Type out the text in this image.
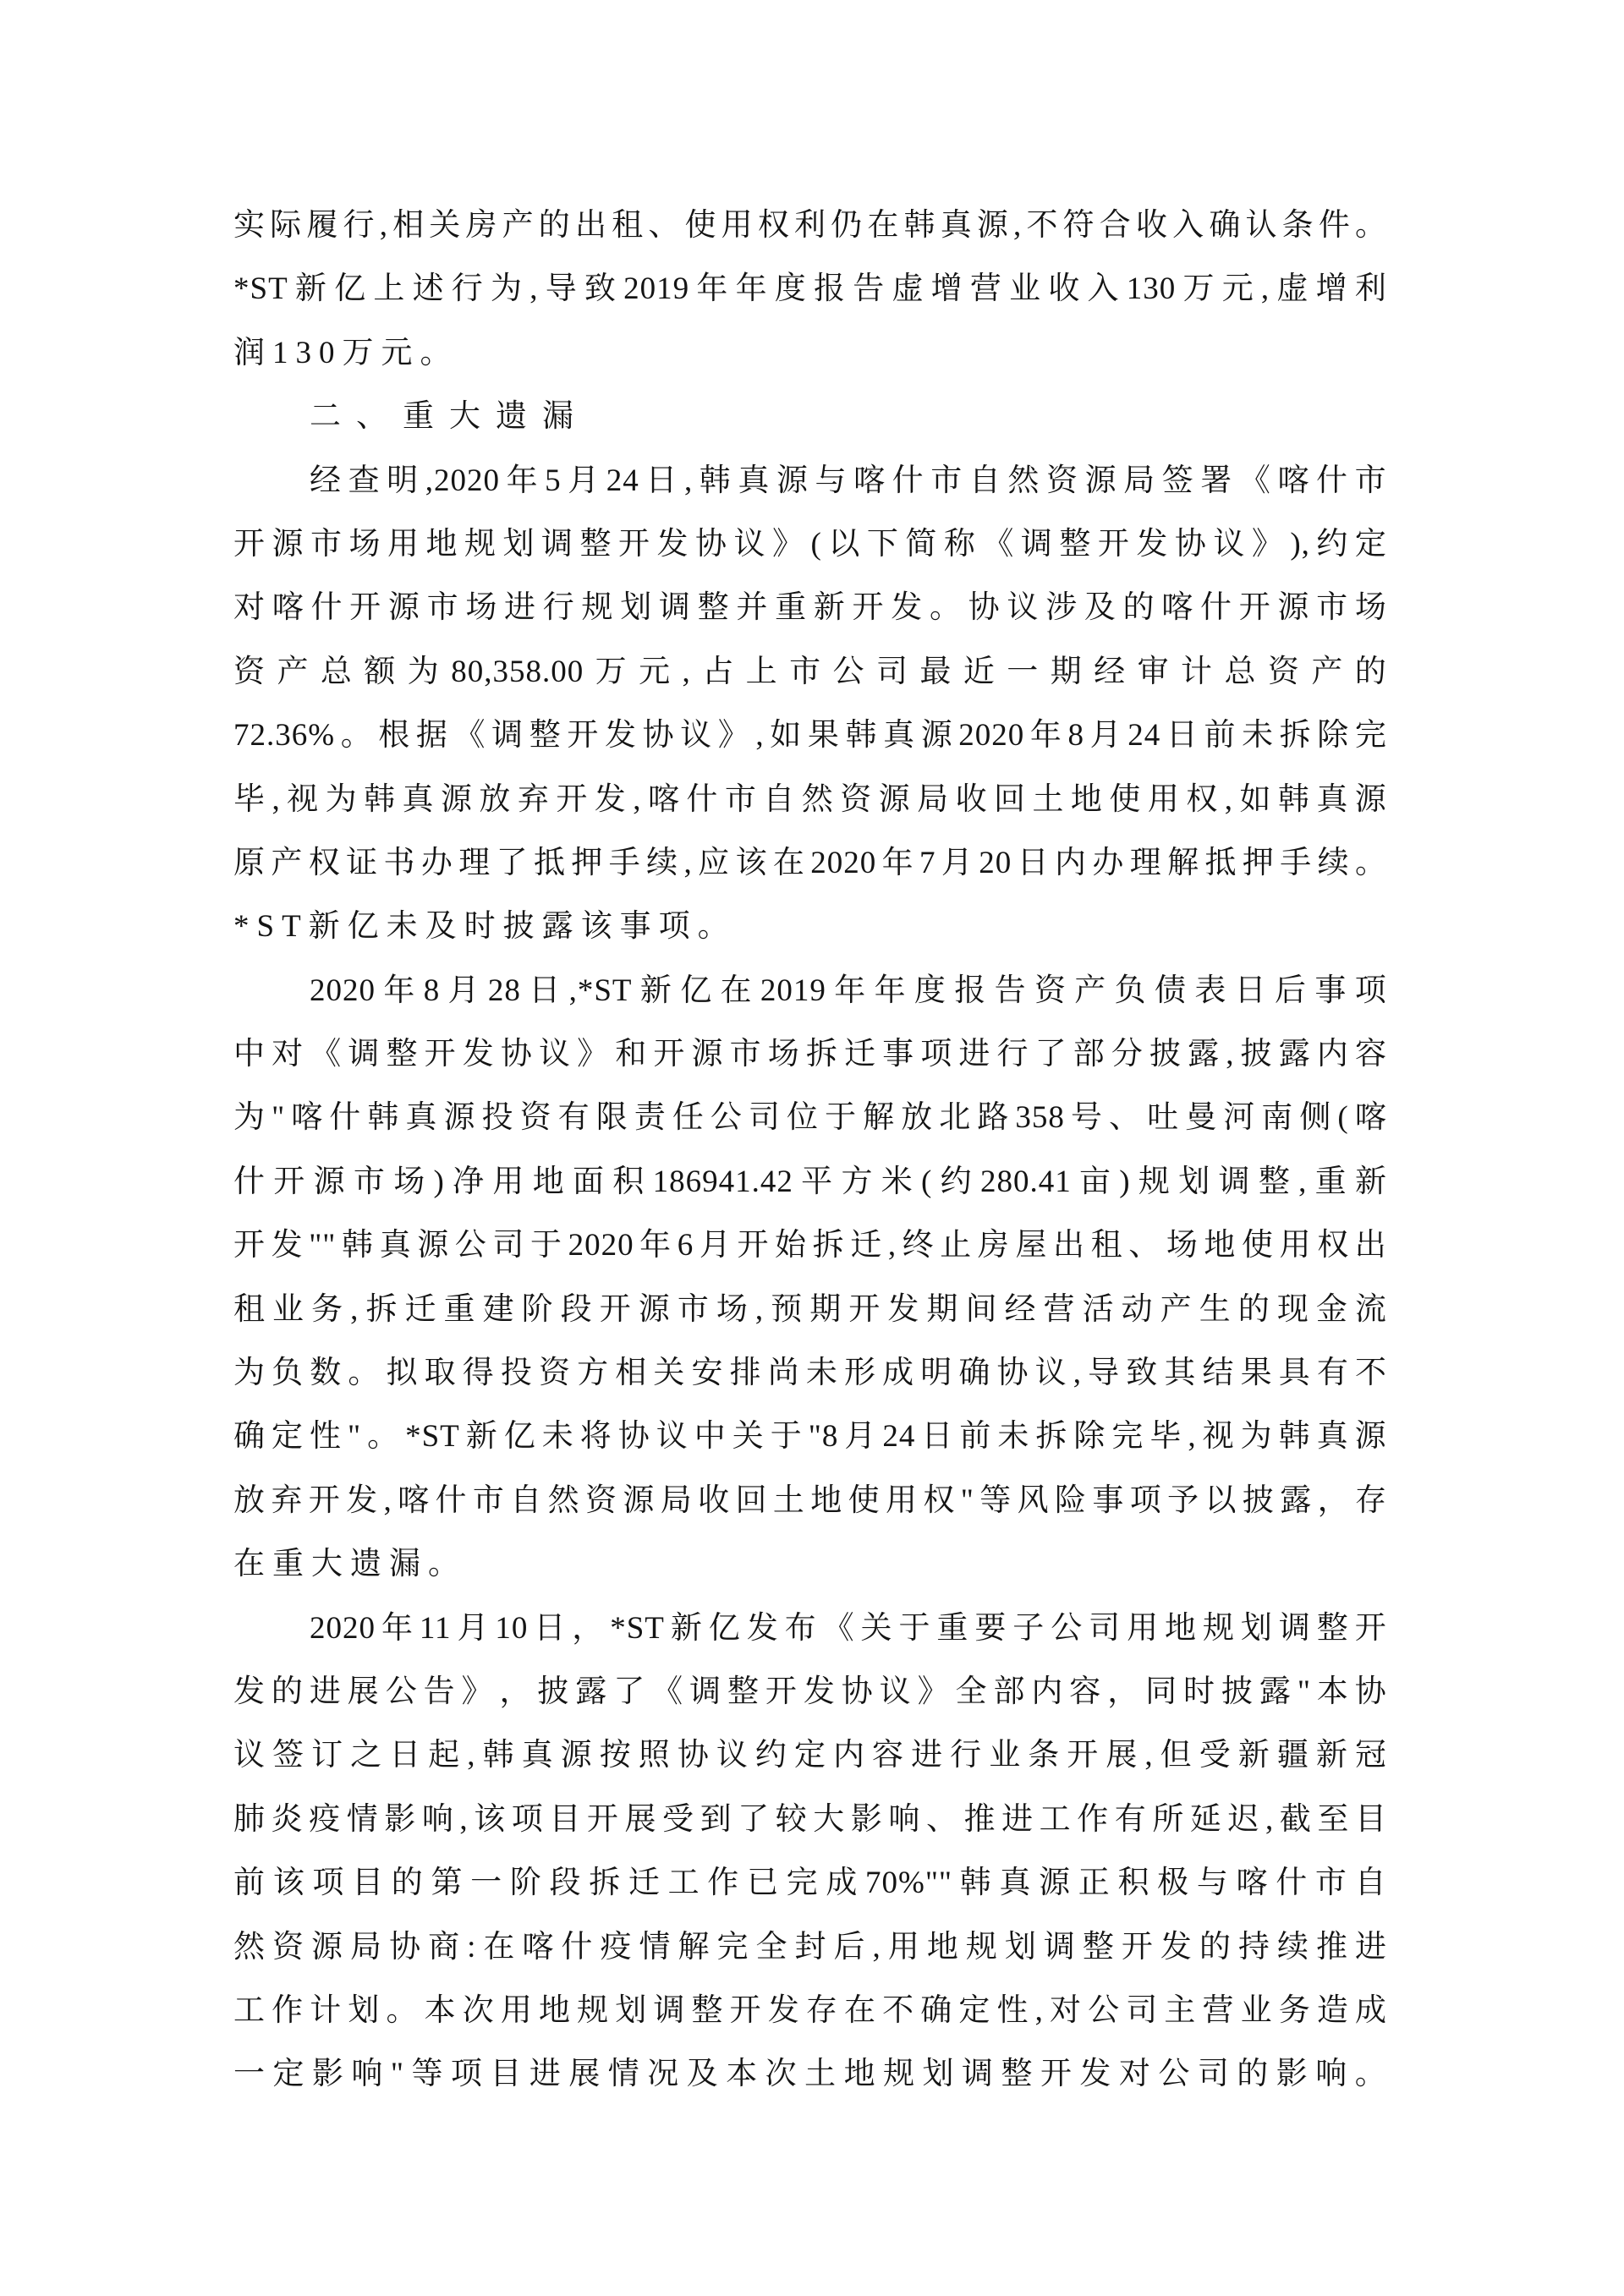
实 际 履 行 , 相 关 房 产 的 出 租 、 使 用 权 利 仍 在 韩 真 源 , 不 符 合 收 入 确 认 条 件 。
*ST 新 亿 上 述 行 为 , 导 致 2019 年 年 度 报 告 虚 增 营 业 收 入 130 万 元 , 虚 增 利
润130万元。
二、重大遗漏
经 查 明 ,2020 年 5 月 24 日 , 韩 真 源 与 喀 什 市 自 然 资 源 局 签 署 《 喀 什 市
开 源 市 场 用 地 规 划 调 整 开 发 协 议 》 ( 以 下 简 称 《 调 整 开 发 协 议 》 ), 约 定
对 喀 什 开 源 市 场 进 行 规 划 调 整 并 重 新 开 发 。 协 议 涉 及 的 喀 什 开 源 市 场
资 产 总 额 为 80,358.00 万 元 , 占 上 市 公 司 最 近 一 期 经 审 计 总 资 产 的
72.36% 。 根 据 《 调 整 开 发 协 议 》 , 如 果 韩 真 源 2020 年 8 月 24 日 前 未 拆 除 完
毕 , 视 为 韩 真 源 放 弃 开 发 , 喀 什 市 自 然 资 源 局 收 回 土 地 使 用 权 , 如 韩 真 源
原 产 权 证 书 办 理 了 抵 押 手 续 , 应 该 在 2020 年 7 月 20 日 内 办 理 解 抵 押 手 续 。
*ST新亿未及时披露该事项。
2020 年 8 月 28 日 ,*ST 新 亿 在 2019 年 年 度 报 告 资 产 负 债 表 日 后 事 项
中 对 《 调 整 开 发 协 议 》 和 开 源 市 场 拆 迁 事 项 进 行 了 部 分 披 露 , 披 露 内 容
为 " 喀 什 韩 真 源 投 资 有 限 责 任 公 司 位 于 解 放 北 路 358 号 、 吐 曼 河 南 侧 ( 喀
什 开 源 市 场 ) 净 用 地 面 积 186941.42 平 方 米 ( 约 280.41 亩 ) 规 划 调 整 , 重 新
开 发 "" 韩 真 源 公 司 于 2020 年 6 月 开 始 拆 迁 , 终 止 房 屋 出 租 、 场 地 使 用 权 出
租 业 务 , 拆 迁 重 建 阶 段 开 源 市 场 , 预 期 开 发 期 间 经 营 活 动 产 生 的 现 金 流
为 负 数 。 拟 取 得 投 资 方 相 关 安 排 尚 未 形 成 明 确 协 议 , 导 致 其 结 果 具 有 不
确 定 性 " 。 *ST 新 亿 未 将 协 议 中 关 于 "8 月 24 日 前 未 拆 除 完 毕 , 视 为 韩 真 源
放 弃 开 发 , 喀 什 市 自 然 资 源 局 收 回 土 地 使 用 权 " 等 风 险 事 项 予 以 披 露 ， 存
在重大遗漏。
2020 年 11 月 10 日 ， *ST 新 亿 发 布 《 关 于 重 要 子 公 司 用 地 规 划 调 整 开
发 的 进 展 公 告 》 ， 披 露 了 《 调 整 开 发 协 议 》 全 部 内 容 ， 同 时 披 露 " 本 协
议 签 订 之 日 起 , 韩 真 源 按 照 协 议 约 定 内 容 进 行 业 条 开 展 , 但 受 新 疆 新 冠
肺 炎 疫 情 影 响 , 该 项 目 开 展 受 到 了 较 大 影 响 、 推 进 工 作 有 所 延 迟 , 截 至 目
前 该 项 目 的 第 一 阶 段 拆 迁 工 作 已 完 成 70%"" 韩 真 源 正 积 极 与 喀 什 市 自
然 资 源 局 协 商 : 在 喀 什 疫 情 解 完 全 封 后 , 用 地 规 划 调 整 开 发 的 持 续 推 进
工 作 计 划 。 本 次 用 地 规 划 调 整 开 发 存 在 不 确 定 性 , 对 公 司 主 营 业 务 造 成
一 定 影 响 " 等 项 目 进 展 情 况 及 本 次 土 地 规 划 调 整 开 发 对 公 司 的 影 响 。
